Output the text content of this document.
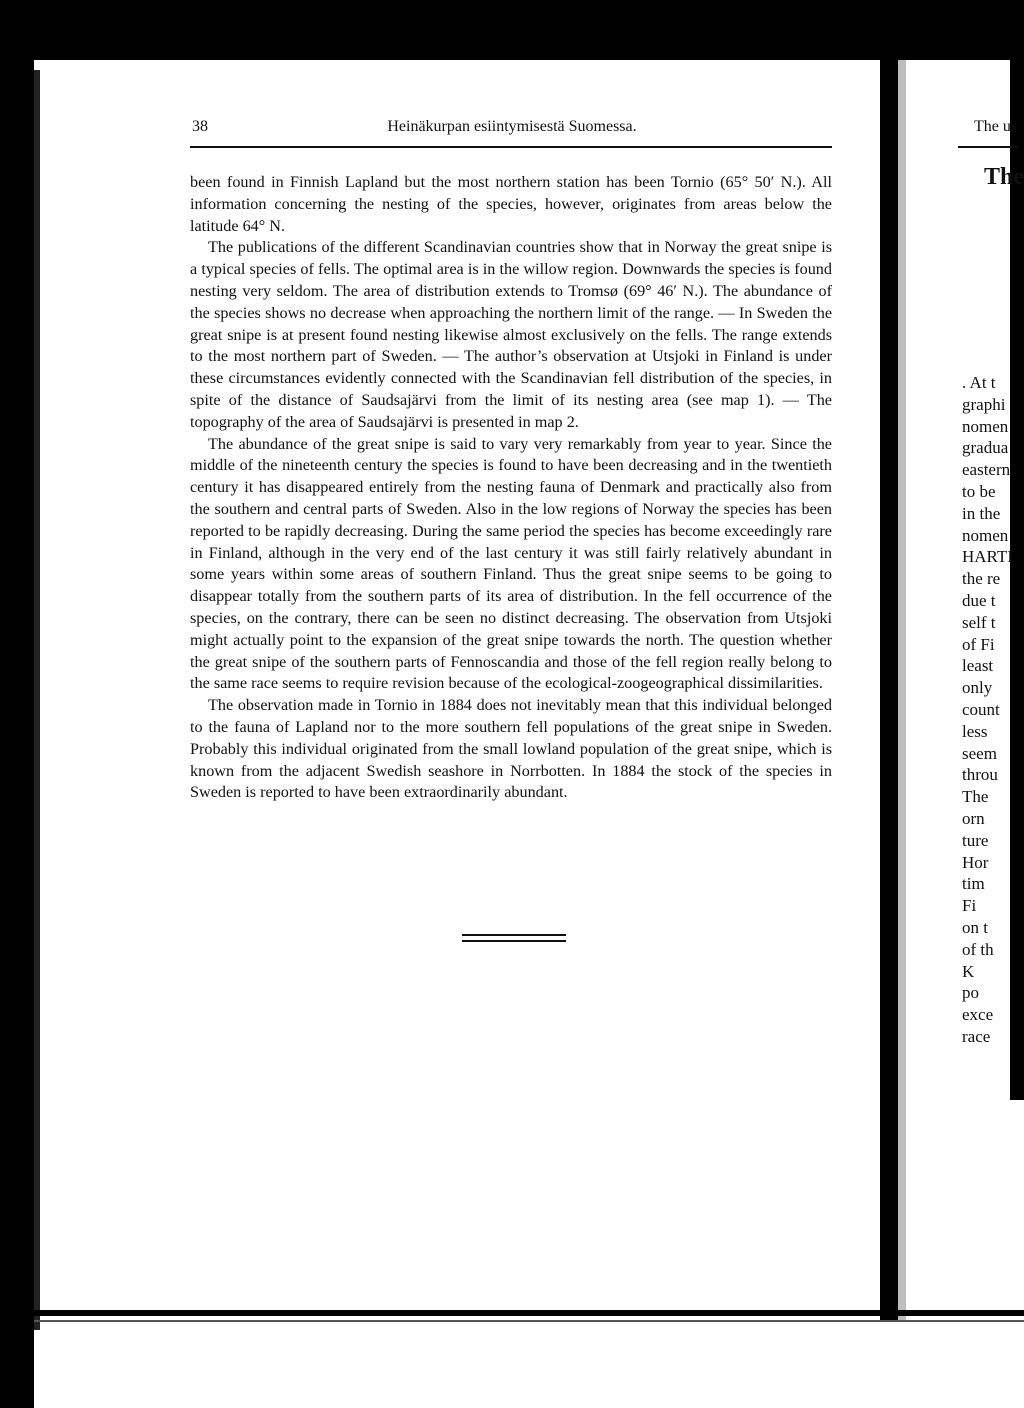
38	Heinäkurpan esiintymisestä Suomessa.

been found in Finnish Lapland but the most northern station has been Tornio (65° 50′ N.). All information concerning the nesting of the species, however, originates from areas below the latitude 64° N.

The publications of the different Scandinavian countries show that in Norway the great snipe is a typical species of fells. The optimal area is in the willow region. Downwards the species is found nesting very seldom. The area of distribution extends to Tromsø (69° 46′ N.). The abundance of the species shows no decrease when approaching the northern limit of the range. — In Sweden the great snipe is at present found nesting likewise almost exclusively on the fells. The range extends to the most northern part of Sweden. — The author’s observation at Utsjoki in Finland is under these circumstances evidently connected with the Scandinavian fell distribution of the species, in spite of the distance of Saudsajärvi from the limit of its nesting area (see map 1). — The topography of the area of Saudsajärvi is presented in map 2.

The abundance of the great snipe is said to vary very remarkably from year to year. Since the middle of the nineteenth century the species is found to have been decreasing and in the twentieth century it has disappeared entirely from the nesting fauna of Denmark and practically also from the southern and central parts of Sweden. Also in the low regions of Norway the species has been reported to be rapidly decreasing. During the same period the species has become exceedingly rare in Finland, although in the very end of the last century it was still fairly relatively abundant in some years within some areas of southern Finland. Thus the great snipe seems to be going to disappear totally from the southern parts of its area of distribution. In the fell occurrence of the species, on the contrary, there can be seen no distinct decreasing. The observation from Utsjoki might actually point to the expansion of the great snipe towards the north. The question whether the great snipe of the southern parts of Fennoscandia and those of the fell region really belong to the same race seems to require revision because of the ecological-zoogeographical dissimilarities.

The observation made in Tornio in 1884 does not inevitably mean that this individual belonged to the fauna of Lapland nor to the more southern fell populations of the great snipe in Sweden. Probably this individual originated from the small lowland population of the great snipe, which is known from the adjacent Swedish seashore in Norrbotten. In 1884 the stock of the species in Sweden is reported to have been extraordinarily abundant.

The us
The
. At t
graphi
nomen
gradua
eastern
to be
in the
nomen
HARTI
the re
due t
self t
of Fi
least
only
count
less
seem
throu
The
orn
ture
Hor
tim
Fi
on t
of th
K
po
exce
race
